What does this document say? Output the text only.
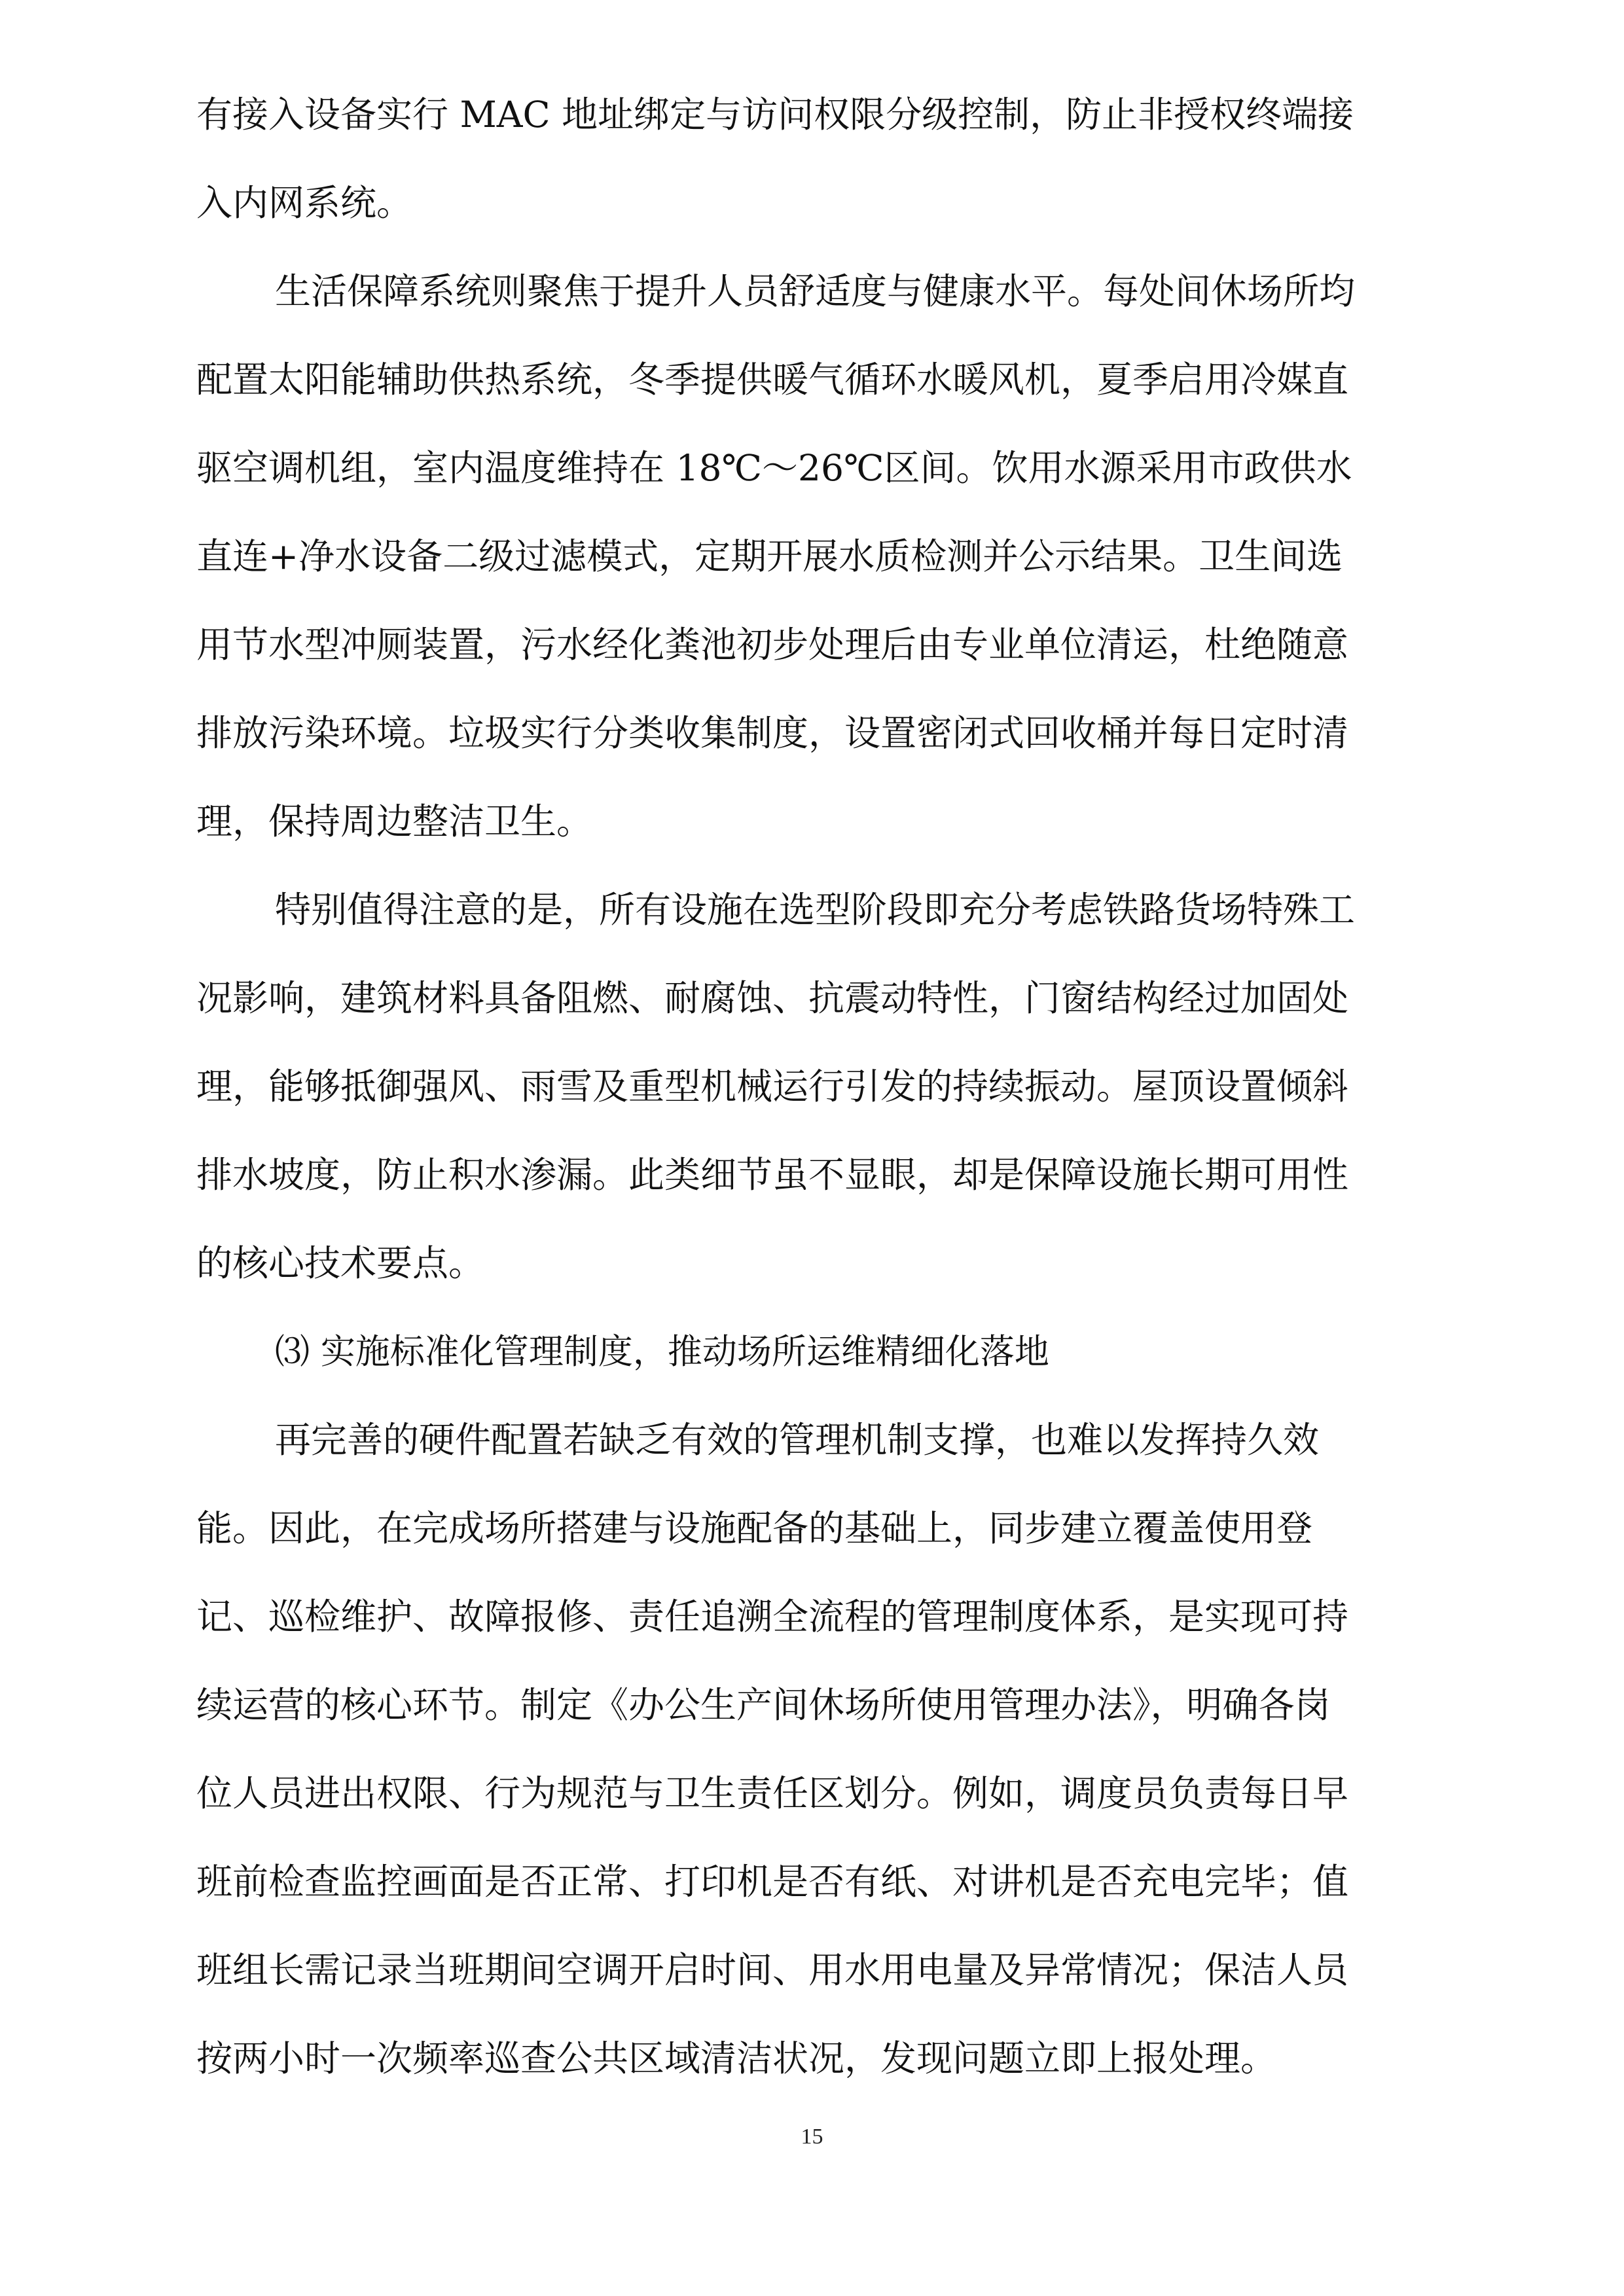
有接入设备实行 MAC 地址绑定与访问权限分级控制，防止非授权终端接
入内网系统。
生活保障系统则聚焦于提升人员舒适度与健康水平。每处间休场所均
配置太阳能辅助供热系统，冬季提供暖气循环水暖风机，夏季启用冷媒直
驱空调机组，室内温度维持在 18℃～26℃区间。饮用水源采用市政供水
直连+净水设备二级过滤模式，定期开展水质检测并公示结果。卫生间选
用节水型冲厕装置，污水经化粪池初步处理后由专业单位清运，杜绝随意
排放污染环境。垃圾实行分类收集制度，设置密闭式回收桶并每日定时清
理，保持周边整洁卫生。
特别值得注意的是，所有设施在选型阶段即充分考虑铁路货场特殊工
况影响，建筑材料具备阻燃、耐腐蚀、抗震动特性，门窗结构经过加固处
理，能够抵御强风、雨雪及重型机械运行引发的持续振动。屋顶设置倾斜
排水坡度，防止积水渗漏。此类细节虽不显眼，却是保障设施长期可用性
的核心技术要点。
⑶ 实施标准化管理制度，推动场所运维精细化落地
再完善的硬件配置若缺乏有效的管理机制支撑，也难以发挥持久效
能。因此，在完成场所搭建与设施配备的基础上，同步建立覆盖使用登
记、巡检维护、故障报修、责任追溯全流程的管理制度体系，是实现可持
续运营的核心环节。制定《办公生产间休场所使用管理办法》，明确各岗
位人员进出权限、行为规范与卫生责任区划分。例如，调度员负责每日早
班前检查监控画面是否正常、打印机是否有纸、对讲机是否充电完毕；值
班组长需记录当班期间空调开启时间、用水用电量及异常情况；保洁人员
按两小时一次频率巡查公共区域清洁状况，发现问题立即上报处理。
15
